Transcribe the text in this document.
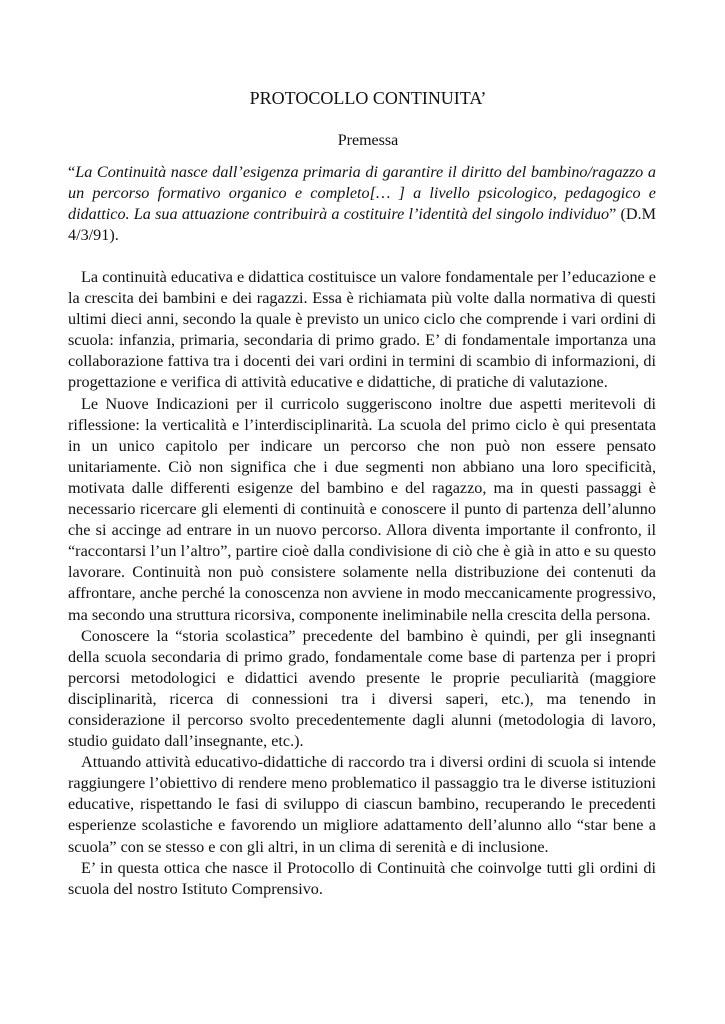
PROTOCOLLO CONTINUITA’
Premessa

“La Continuità nasce dall’esigenza primaria di garantire il diritto del bambino/ragazzo a un percorso formativo organico e completo[… ] a livello psicologico, pedagogico e didattico. La sua attuazione contribuirà a costituire l’identità del singolo individuo” (D.M 4/3/91).

La continuità educativa e didattica costituisce un valore fondamentale per l’educazione e la crescita dei bambini e dei ragazzi. Essa è richiamata più volte dalla normativa di questi ultimi dieci anni, secondo la quale è previsto un unico ciclo che comprende i vari ordini di scuola: infanzia, primaria, secondaria di primo grado. E’ di fondamentale importanza una collaborazione fattiva tra i docenti dei vari ordini in termini di scambio di informazioni, di progettazione e verifica di attività educative e didattiche, di pratiche di valutazione.

Le Nuove Indicazioni per il curricolo suggeriscono inoltre due aspetti meritevoli di riflessione: la verticalità e l’interdisciplinarità. La scuola del primo ciclo è qui presentata in un unico capitolo per indicare un percorso che non può non essere pensato unitariamente. Ciò non significa che i due segmenti non abbiano una loro specificità, motivata dalle differenti esigenze del bambino e del ragazzo, ma in questi passaggi è necessario ricercare gli elementi di continuità e conoscere il punto di partenza dell’alunno che si accinge ad entrare in un nuovo percorso. Allora diventa importante il confronto, il “raccontarsi l’un l’altro”, partire cioè dalla condivisione di ciò che è già in atto e su questo lavorare. Continuità non può consistere solamente nella distribuzione dei contenuti da affrontare, anche perché la conoscenza non avviene in modo meccanicamente progressivo, ma secondo una struttura ricorsiva, componente ineliminabile nella crescita della persona.

Conoscere la “storia scolastica” precedente del bambino è quindi, per gli insegnanti della scuola secondaria di primo grado, fondamentale come base di partenza per i propri percorsi metodologici e didattici avendo presente le proprie peculiarità (maggiore disciplinarità, ricerca di connessioni tra i diversi saperi, etc.), ma tenendo in considerazione il percorso svolto precedentemente dagli alunni (metodologia di lavoro, studio guidato dall’insegnante, etc.).

Attuando attività educativo-didattiche di raccordo tra i diversi ordini di scuola si intende raggiungere l’obiettivo di rendere meno problematico il passaggio tra le diverse istituzioni educative, rispettando le fasi di sviluppo di ciascun bambino, recuperando le precedenti esperienze scolastiche e favorendo un migliore adattamento dell’alunno allo “star bene a scuola” con se stesso e con gli altri, in un clima di serenità e di inclusione.

E’ in questa ottica che nasce il Protocollo di Continuità che coinvolge tutti gli ordini di scuola del nostro Istituto Comprensivo.
